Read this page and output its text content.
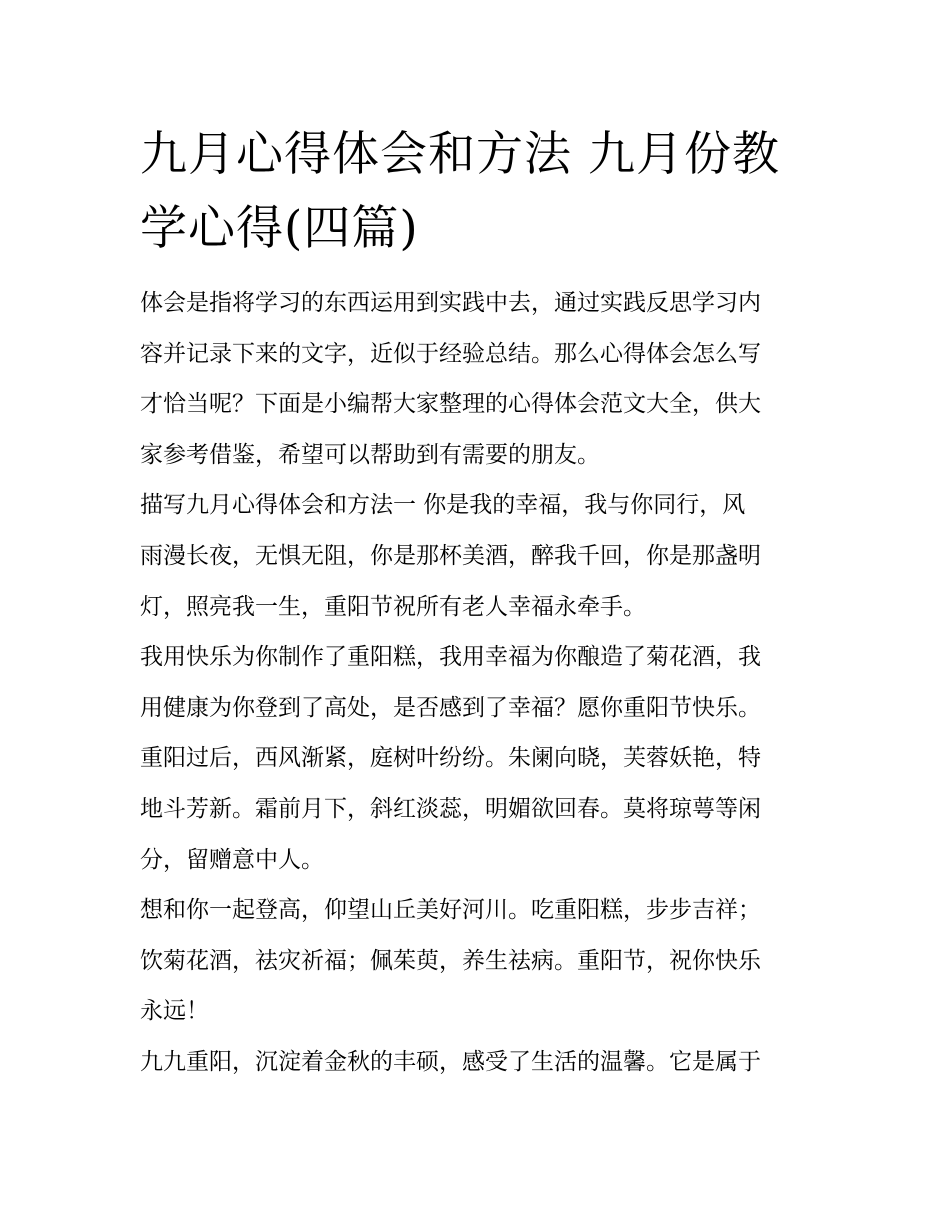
九月心得体会和方法 九月份教
学心得(四篇)

体会是指将学习的东西运用到实践中去，通过实践反思学习内
容并记录下来的文字，近似于经验总结。那么心得体会怎么写
才恰当呢？下面是小编帮大家整理的心得体会范文大全，供大
家参考借鉴，希望可以帮助到有需要的朋友。

描写九月心得体会和方法一 你是我的幸福，我与你同行，风
雨漫长夜，无惧无阻，你是那杯美酒，醉我千回，你是那盏明
灯，照亮我一生，重阳节祝所有老人幸福永牵手。

我用快乐为你制作了重阳糕，我用幸福为你酿造了菊花酒，我
用健康为你登到了高处，是否感到了幸福？愿你重阳节快乐。

重阳过后，西风渐紧，庭树叶纷纷。朱阑向晓，芙蓉妖艳，特
地斗芳新。霜前月下，斜红淡蕊，明媚欲回春。莫将琼萼等闲
分，留赠意中人。

想和你一起登高，仰望山丘美好河川。吃重阳糕，步步吉祥；
饮菊花酒，祛灾祈福；佩茱萸，养生祛病。重阳节，祝你快乐
永远！

九九重阳，沉淀着金秋的丰硕，感受了生活的温馨。它是属于
